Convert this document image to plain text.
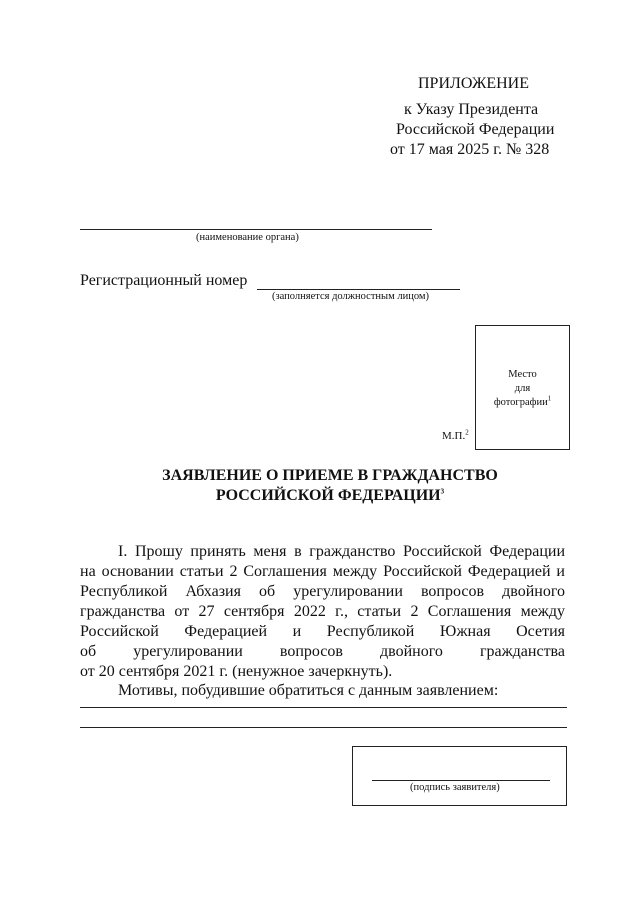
ПРИЛОЖЕНИЕ
к Указу Президента
Российской Федерации
от 17 мая 2025 г. № 328
(наименование органа)
Регистрационный номер
(заполняется должностным лицом)
Место
для
фотографии$^1$
М.П.$^2$
ЗАЯВЛЕНИЕ О ПРИЕМЕ В ГРАЖДАНСТВО
РОССИЙСКОЙ ФЕДЕРАЦИИ$^3$
I. Прошу принять меня в гражданство Российской Федерации
на основании статьи 2 Соглашения между Российской Федерацией и
Республикой Абхазия об урегулировании вопросов двойного
гражданства от 27 сентября 2022 г., статьи 2 Соглашения между
Российской Федерацией и Республикой Южная Осетия
об урегулировании вопросов двойного гражданства
от 20 сентября 2021 г. (ненужное зачеркнуть).
Мотивы, побудившие обратиться с данным заявлением:
(подпись заявителя)
